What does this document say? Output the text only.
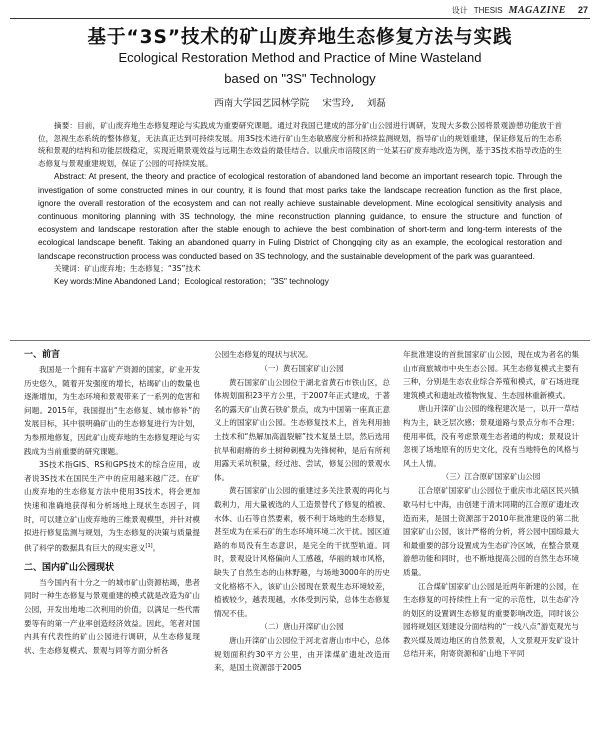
设计 THESIS MAGAZINE 27
基于“3S”技术的矿山废弃地生态修复方法与实践
Ecological Restoration Method and Practice of Mine Wasteland
based on "3S" Technology
西南大学园艺园林学院 宋雪玲, 刘磊

摘要：目前，矿山废弃地生态修复理论与实践成为重要研究课题。通过对我国已建成的部分矿山公园进行调研，发现大多数公园将景观游憩功能放于首位，忽视生态系统的整体修复，无法真正达到可持续发展。用3S技术进行矿山生态敏感度分析和持续监测规划，指导矿山的规划重建，保证修复后的生态系统和景观的结构和功能层级稳定，实现近期景观效益与远期生态效益的最佳结合。以重庆市涪陵区的一处某石矿废弃地改造为例，基于3S技术指导改造的生态修复与景观重建规划，保证了公园的可持续发展。

Abstract: At present, the theory and practice of ecological restoration of abandoned land become an important research topic. Through the investigation of some constructed mines in our country, it is found that most parks take the landscape recreation function as the first place, ignore the overall restoration of the ecosystem and can not really achieve sustainable development. Mine ecological sensitivity analysis and continuous monitoring planning with 3S technology, the mine reconstruction planning guidance, to ensure the structure and function of ecosystem and landscape restoration after the stable enough to achieve the best combination of short-term and long-term interests of the ecological landscape benefit. Taking an abandoned quarry in Fuling District of Chongqing city as an example, the ecological restoration and landscape reconstruction process was conducted based on 3S technology, and the sustainable development of the park was guaranteed.

关键词：矿山废弃地；生态修复；“3S”技术

Key words:Mine Abandoned Land；Ecological restoration；"3S" technology

一、前言

我国是一个拥有丰富矿产资源的国家，矿业开发历史悠久，随着开发强度的增长，枯竭矿山的数量也逐渐增加，为生态环境和景观带来了一系列的危害和问题。2015年，我国提出“生态修复、城市修补”的发展目标，其中很明确矿山的生态修复进行为计划，为参照地修复，因此矿山废弃地的生态修复理论与实践成为当前重要的研究课题。

3S技术指GIS、RS和GPS技术的综合应用，或者说3S技术在国民生产中的应用越来越广泛。在矿山废弃地的生态修复方法中使用3S技术，将会更加快速和准确地获得和分析场地上现状生态因子，同时，可以建立矿山废弃地的三维景观模型，并针对模拟进行修复监测与规划，为生态修复的决策与质量提供了科学的数据具有巨大的现实意义[1]。

二、国内矿山公园现状

当今国内有十分之一的城市矿山资源枯竭，患者同时一种生态修复与景观重建的模式就是改造为矿山公园，开发出地地二次利用的价值，以满足一些代需要等有的第一产业率创造经济效益。因此，笔者对国内具有代表性的矿山公园进行调研，从生态修复现状、生态修复模式、景观与同等方面分析各

公园生态修复的现状与状况。

（一）黄石国家矿山公园

黄石国家矿山公园位于湖北省黄石市铁山区，总体规划面积23平方公里，于2007年正式建成，于著名的露天矿山黄石铁矿景点，成为中国第一座真正意义上的国家矿山公园。生态修复技术上，首先利用抽土技术和“热解加高温裂解”技术复垦土层，然后选用抗旱和耐瘠的乡土树种刺槐为先锋树种，是后有所利用露天采坑积量，经过池、尝试，修复公园的景观水体。

黄石国家矿山公园的重建过多关注景观的再化与载利力，用大量被选的人工造景替代了修复的植被、水体、山石等自然要素，极不利于场地的生态修复，甚至成为在采石矿的生态环境环境二次干扰。园区道路的布局没有生态意识，是完全的干扰型轨道。同时，景观设计风格偏向人工感越，华丽的城市风格，缺失了自然生态的山林野趣，与场地3000年的历史文化格格不入，该矿山公园现在景观生态环境较差，植被较少，越表现越，水体受到污染，总体生态修复情况不佳。

（二）唐山开滦矿山公园

唐山开滦矿山公园位于河北省唐山市中心，总体规划面积约30平方公里，由开滦煤矿遗址改造而来，是国土资源部于2005

年批准建设的首批国家矿山公园，现在成为者名的集山市商旅城市中央生态公园。其生态修复模式主要有三种，分别是生态农业综合养殖和模式，矿石场进现建筑模式和遗址改植物恢复、生态园林重新模式。

唐山开滦矿山公园的缘程建次是一，以开一草结构为主，缺乏层次感；景观道路与景点分布不合理；使用率低，没有考虑景观生态者通的构成；景观设计忽视了场地原有的历史文化，没有当地特色的风格与风土人情。

（三）江合原矿国家矿山公园

江合原矿国家矿山公园位于重庆市北碚区民兴镇歇马村七中海，由创建于清末同期的江合原矿遗址改造而来，是国土资源部于2010年批准建设的第二批国家矿山公园，该计严格的分析，将公园中国综最大和最重要的部分设置成为生态矿冷区域，在整合景观游憩功能和同时，也不断地提高公园的自然生态环境质量。

江合煤矿国家矿山公园是近两年新建的公园，在生态修复的可持续性上有一定的示范性，以生态矿冷的划区的设置调生态修复的重要影响改造，同时该公园将规划区划建设分面结构的“一线八点”游览观光与教兴煤及周边地区的自然景观，人文景观开发矿设计总结开来，附寄资源和矿山地下平同
